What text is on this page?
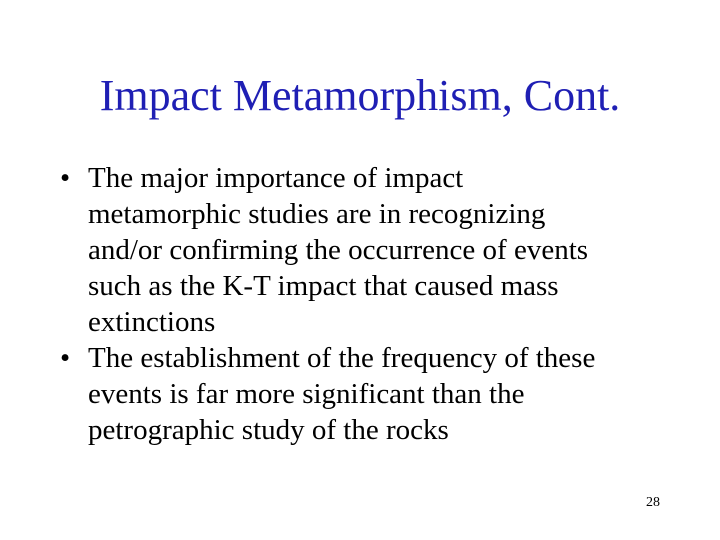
Impact Metamorphism, Cont.
• The major importance of impact
metamorphic studies are in recognizing
and/or confirming the occurrence of events
such as the K-T impact that caused mass
extinctions
• The establishment of the frequency of these
events is far more significant than the
petrographic study of the rocks
28
